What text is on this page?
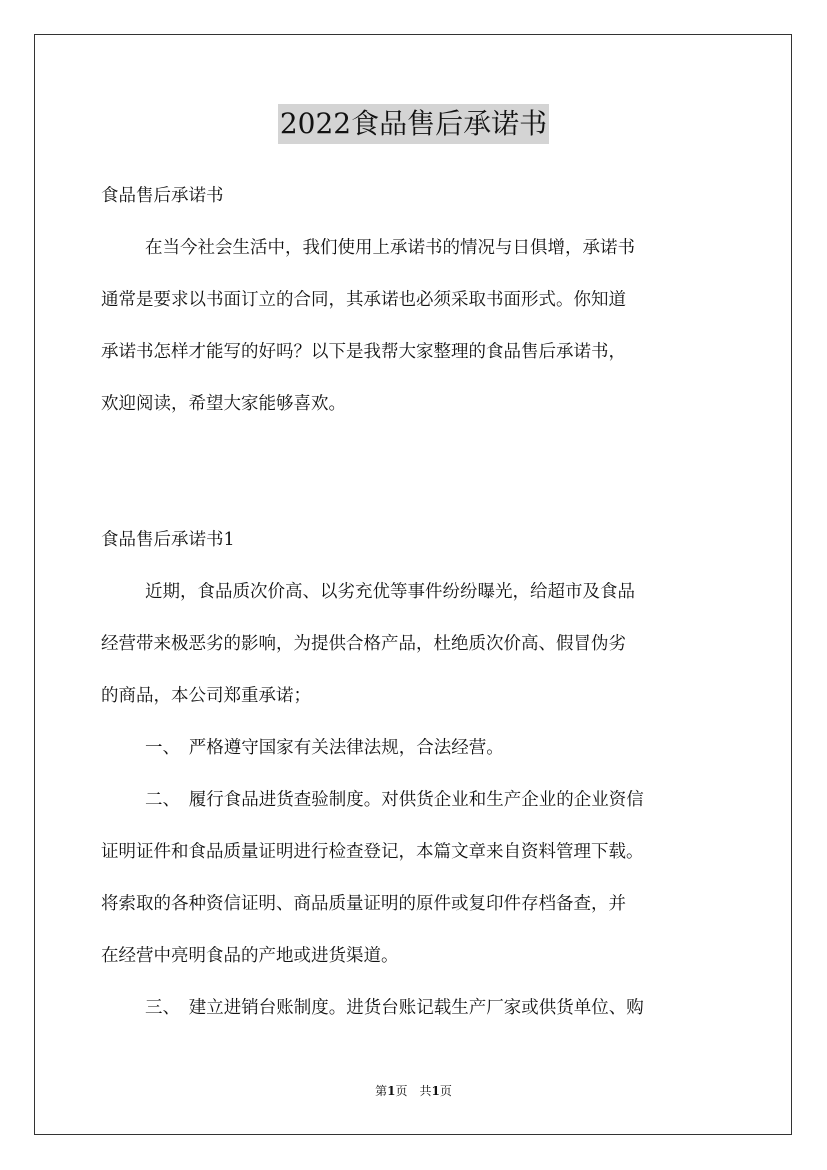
2022食品售后承诺书

食品售后承诺书

在当今社会生活中，我们使用上承诺书的情况与日俱增，承诺书

通常是要求以书面订立的合同，其承诺也必须采取书面形式。你知道

承诺书怎样才能写的好吗？以下是我帮大家整理的食品售后承诺书，

欢迎阅读，希望大家能够喜欢。

食品售后承诺书1

近期，食品质次价高、以劣充优等事件纷纷曝光，给超市及食品

经营带来极恶劣的影响，为提供合格产品，杜绝质次价高、假冒伪劣

的商品，本公司郑重承诺；

一、　严格遵守国家有关法律法规，合法经营。

二、　履行食品进货查验制度。对供货企业和生产企业的企业资信

证明证件和食品质量证明进行检查登记，本篇文章来自资料管理下载。

将索取的各种资信证明、商品质量证明的原件或复印件存档备查，并

在经营中亮明食品的产地或进货渠道。

三、　建立进销台账制度。进货台账记载生产厂家或供货单位、购

第1页　共1页
